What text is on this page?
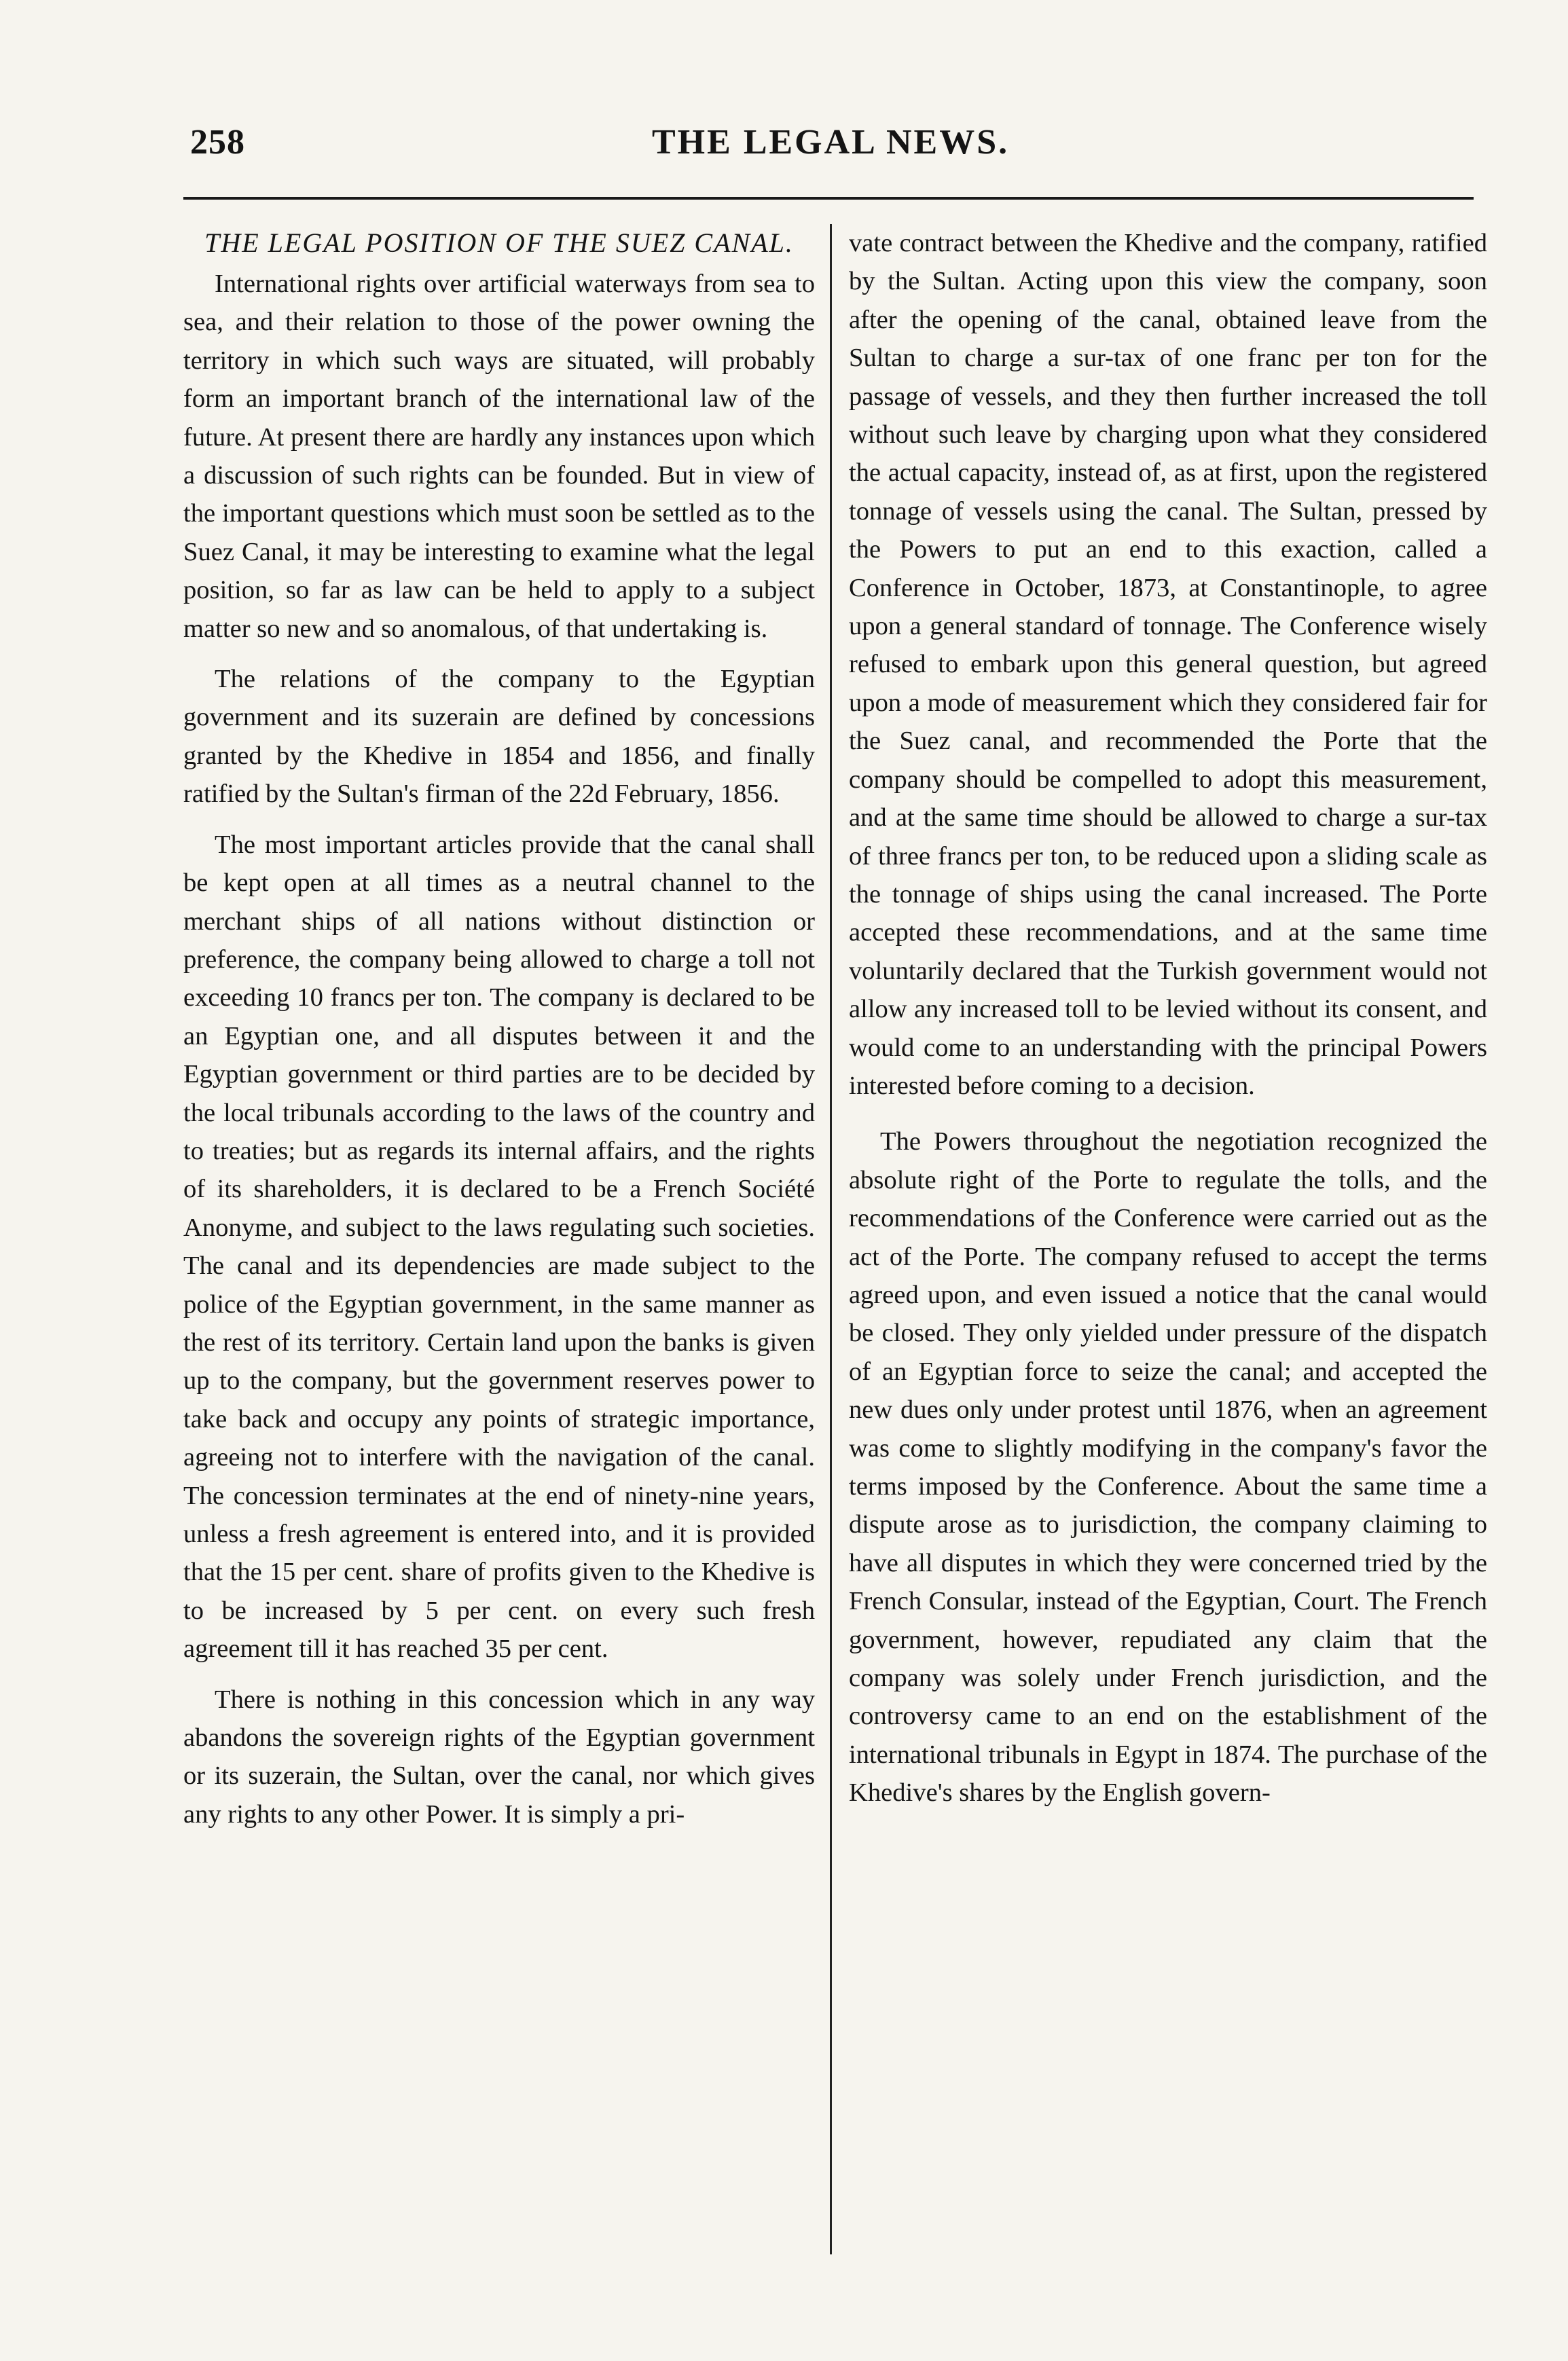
258	THE LEGAL NEWS.
THE LEGAL POSITION OF THE SUEZ CANAL.

International rights over artificial waterways from sea to sea, and their relation to those of the power owning the territory in which such ways are situated, will probably form an important branch of the international law of the future. At present there are hardly any instances upon which a discussion of such rights can be founded. But in view of the important questions which must soon be settled as to the Suez Canal, it may be interesting to examine what the legal position, so far as law can be held to apply to a subject matter so new and so anomalous, of that undertaking is.

The relations of the company to the Egyptian government and its suzerain are defined by concessions granted by the Khedive in 1854 and 1856, and finally ratified by the Sultan's firman of the 22d February, 1856.

The most important articles provide that the canal shall be kept open at all times as a neutral channel to the merchant ships of all nations without distinction or preference, the company being allowed to charge a toll not exceeding 10 francs per ton. The company is declared to be an Egyptian one, and all disputes between it and the Egyptian government or third parties are to be decided by the local tribunals according to the laws of the country and to treaties; but as regards its internal affairs, and the rights of its shareholders, it is declared to be a French Société Anonyme, and subject to the laws regulating such societies. The canal and its dependencies are made subject to the police of the Egyptian government, in the same manner as the rest of its territory. Certain land upon the banks is given up to the company, but the government reserves power to take back and occupy any points of strategic importance, agreeing not to interfere with the navigation of the canal. The concession terminates at the end of ninety-nine years, unless a fresh agreement is entered into, and it is provided that the 15 per cent. share of profits given to the Khedive is to be increased by 5 per cent. on every such fresh agreement till it has reached 35 per cent.

There is nothing in this concession which in any way abandons the sovereign rights of the Egyptian government or its suzerain, the Sultan, over the canal, nor which gives any rights to any other Power. It is simply a pri-

vate contract between the Khedive and the company, ratified by the Sultan. Acting upon this view the company, soon after the opening of the canal, obtained leave from the Sultan to charge a sur-tax of one franc per ton for the passage of vessels, and they then further increased the toll without such leave by charging upon what they considered the actual capacity, instead of, as at first, upon the registered tonnage of vessels using the canal. The Sultan, pressed by the Powers to put an end to this exaction, called a Conference in October, 1873, at Constantinople, to agree upon a general standard of tonnage. The Conference wisely refused to embark upon this general question, but agreed upon a mode of measurement which they considered fair for the Suez canal, and recommended the Porte that the company should be compelled to adopt this measurement, and at the same time should be allowed to charge a sur-tax of three francs per ton, to be reduced upon a sliding scale as the tonnage of ships using the canal increased. The Porte accepted these recommendations, and at the same time voluntarily declared that the Turkish government would not allow any increased toll to be levied without its consent, and would come to an understanding with the principal Powers interested before coming to a decision.

The Powers throughout the negotiation recognized the absolute right of the Porte to regulate the tolls, and the recommendations of the Conference were carried out as the act of the Porte. The company refused to accept the terms agreed upon, and even issued a notice that the canal would be closed. They only yielded under pressure of the dispatch of an Egyptian force to seize the canal; and accepted the new dues only under protest until 1876, when an agreement was come to slightly modifying in the company's favor the terms imposed by the Conference. About the same time a dispute arose as to jurisdiction, the company claiming to have all disputes in which they were concerned tried by the French Consular, instead of the Egyptian, Court. The French government, however, repudiated any claim that the company was solely under French jurisdiction, and the controversy came to an end on the establishment of the international tribunals in Egypt in 1874. The purchase of the Khedive's shares by the English govern-
